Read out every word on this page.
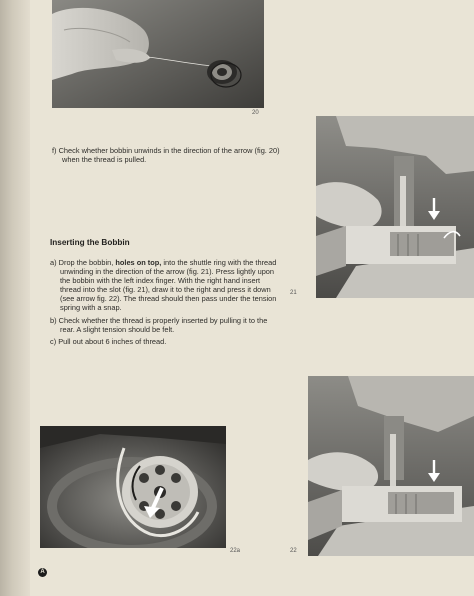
20
21

f) Check whether bobbin unwinds in the direction of the arrow (fig. 20) when the thread is pulled.

Inserting the Bobbin

a) Drop the bobbin, holes on top, into the shuttle ring with the thread unwinding in the direction of the arrow (fig. 21). Press lightly upon the bobbin with the left index finger. With the right hand insert thread into the slot (fig. 21), draw it to the right and press it down (see arrow fig. 22). The thread should then pass under the tension spring with a snap.

b) Check whether the thread is properly inserted by pulling it to the rear. A slight tension should be felt.

c) Pull out about 6 inches of thread.

22a	22
A
